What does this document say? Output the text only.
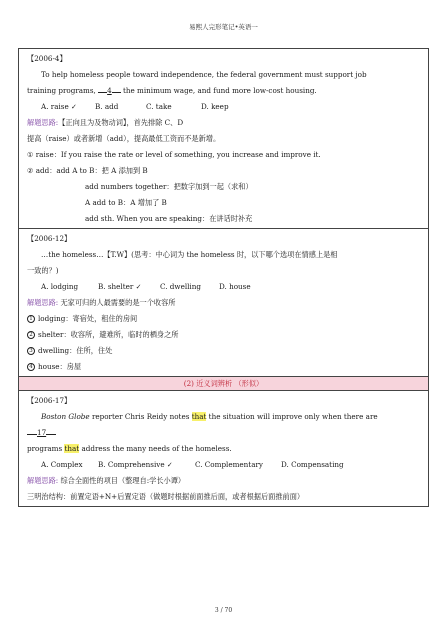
易熙人完形笔记•英语一
【2006-4】
To help homeless people toward independence, the federal government must support job
training programs, 4 the minimum wage, and fund more low-cost housing.
A. raise ✓ B. add	C. take	D. keep
解题思路:【正向且为及物动词】，首先排除 C、D
提高（raise）或者新增（add），提高最低工资而不是新增。
① raise：If you raise the rate or level of something, you increase and improve it.
② add：add A to B：把 A 添加到 B
add numbers together：把数字加到一起（求和）
A add to B：A 增加了 B
add sth. When you are speaking：在讲话时补充
【2006-12】
…the homeless…【T.W】(思考：中心词为 the homeless 时，以下哪个选项在情感上是相
一致的？)
A. lodging	B. shelter ✓	C. dwelling	D. house
解题思路: 无家可归的人最需要的是一个收容所
1 lodging：寄宿处，租住的房间
2 shelter：收容所，避难所，临时的栖身之所
3 dwelling：住所，住处
4 house：房屋
(2) 近义词辨析 （形似）
【2006-17】
Boston Globe reporter Chris Reidy notes that the situation will improve only when there are
17
programs that address the many needs of the homeless.
A. Complex B. Comprehensive ✓	C. Complementary	D. Compensating
解题思路: 综合全面性的项目（整理自:学长小谭）
三明治结构：前置定语+N+后置定语（做题时根据前面推后面，或者根据后面推前面）
3 / 70
